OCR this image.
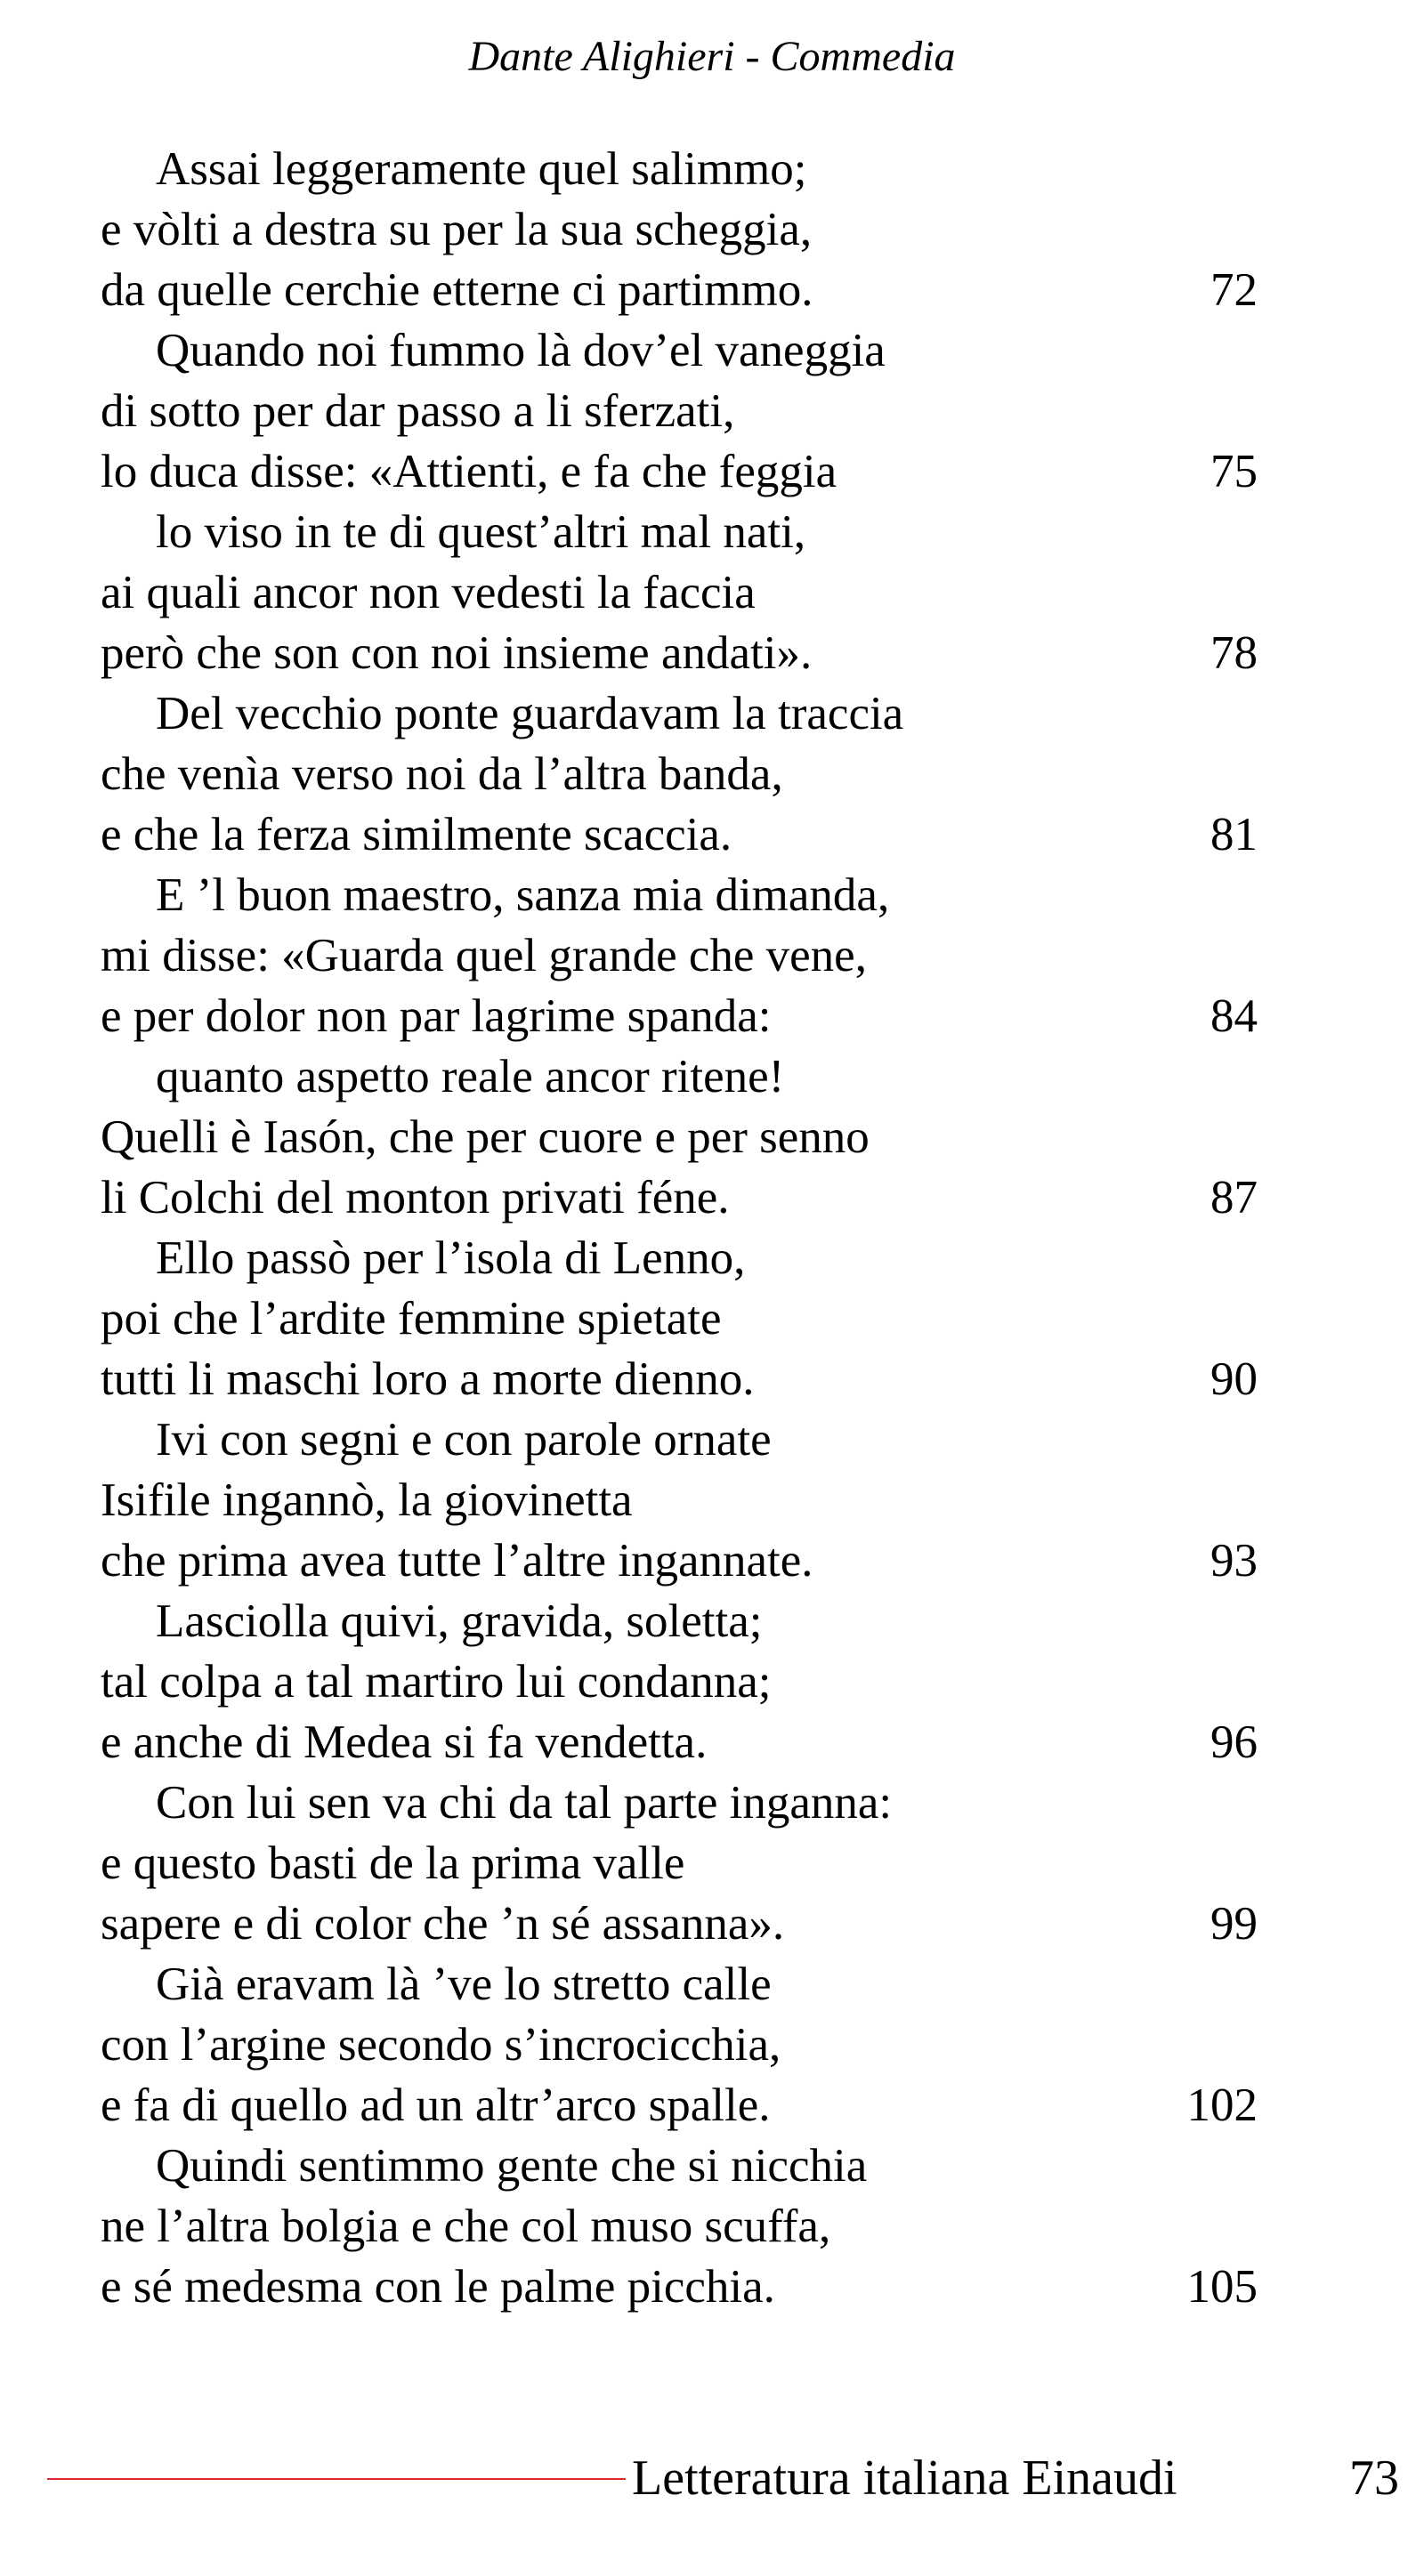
Dante Alighieri - Commedia
Assai leggeramente quel salimmo;
e vòlti a destra su per la sua scheggia,
da quelle cerchie etterne ci partimmo.	72
Quando noi fummo là dov’el vaneggia
di sotto per dar passo a li sferzati,
lo duca disse: «Attienti, e fa che feggia	75
lo viso in te di quest’altri mal nati,
ai quali ancor non vedesti la faccia
però che son con noi insieme andati».	78
Del vecchio ponte guardavam la traccia
che venìa verso noi da l’altra banda,
e che la ferza similmente scaccia.	81
E ’l buon maestro, sanza mia dimanda,
mi disse: «Guarda quel grande che vene,
e per dolor non par lagrime spanda:	84
quanto aspetto reale ancor ritene!
Quelli è Iasón, che per cuore e per senno
li Colchi del monton privati féne.	87
Ello passò per l’isola di Lenno,
poi che l’ardite femmine spietate
tutti li maschi loro a morte dienno.	90
Ivi con segni e con parole ornate
Isifile ingannò, la giovinetta
che prima avea tutte l’altre ingannate.	93
Lasciolla quivi, gravida, soletta;
tal colpa a tal martiro lui condanna;
e anche di Medea si fa vendetta.	96
Con lui sen va chi da tal parte inganna:
e questo basti de la prima valle
sapere e di color che ’n sé assanna».	99
Già eravam là ’ve lo stretto calle
con l’argine secondo s’incrocicchia,
e fa di quello ad un altr’arco spalle.	102
Quindi sentimmo gente che si nicchia
ne l’altra bolgia e che col muso scuffa,
e sé medesma con le palme picchia.	105
Letteratura italiana Einaudi	73
